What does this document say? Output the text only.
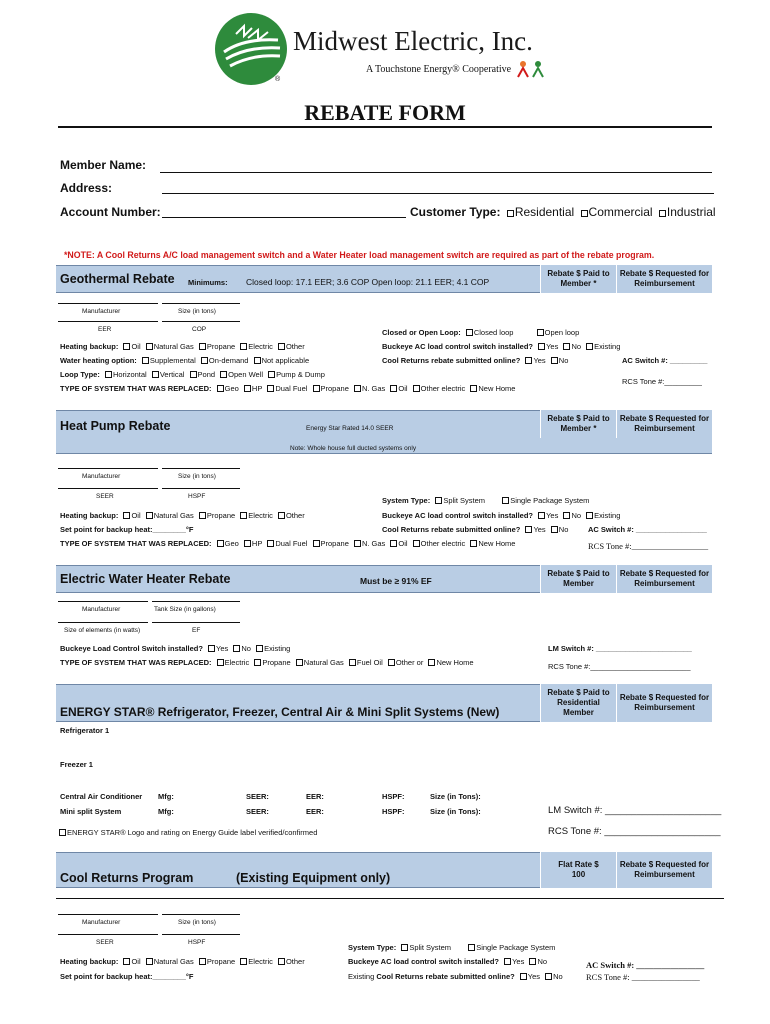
®
Midwest Electric, Inc.
A Touchstone Energy® Cooperative
REBATE FORM
Member Name:
Address:
Account Number:	Customer Type: Residential Commercial Industrial
*NOTE: A Cool Returns A/C load management switch and a Water Heater load management switch are required as part of the rebate program.
Rebate $ Paid to Member *
Rebate $ Requested for Reimbursement
Geothermal Rebate Minimums: Closed loop: 17.1 EER; 3.6 COP Open loop: 21.1 EER; 4.1 COP
Manufacturer	Size (in tons)
EER	COP	Closed or Open Loop: Closed loop	Open loop
Heating backup: Oil Natural Gas Propane Electric Other	Buckeye AC load control switch installed? Yes No Existing
Water heating option: Supplemental On-demand Not applicable	Cool Returns rebate submitted online? Yes No	AC Switch #: _________
Loop Type: Horizontal Vertical Pond Open Well Pump & Dump
RCS Tone #:_________
TYPE OF SYSTEM THAT WAS REPLACED: Geo HP Dual Fuel Propane N. Gas Oil Other electric New Home
Rebate $ Paid to Member *
Rebate $ Requested for Reimbursement
Heat Pump Rebate	Energy Star Rated 14.0 SEER
Note: Whole house full ducted systems only
Manufacturer	Size (in tons)
SEER	HSPF	System Type: Split System	Single Package System
Heating backup: Oil Natural Gas Propane Electric Other	Buckeye AC load control switch installed? Yes No Existing
Set point for backup heat:________°F	Cool Returns rebate submitted online? Yes No	AC Switch #: _________________
TYPE OF SYSTEM THAT WAS REPLACED: Geo HP Dual Fuel Propane N. Gas Oil Other electric New Home	RCS Tone #:__________________
Rebate $ Paid to Member
Rebate $ Requested for Reimbursement
Electric Water Heater Rebate	Must be ≥ 91% EF
Manufacturer	Tank Size (in gallons)
Size of elements (in watts)	EF
Buckeye Load Control Switch installed? Yes No Existing	LM Switch #: _______________________
TYPE OF SYSTEM THAT WAS REPLACED: Electric Propane Natural Gas Fuel Oil Other or New Home	RCS Tone #:________________________
Rebate $ Paid to Residential Member
Rebate $ Requested for Reimbursement
ENERGY STAR® Refrigerator, Freezer, Central Air & Mini Split Systems (New)
Refrigerator 1
Freezer 1
Central Air Conditioner Mfg:	SEER:	EER:	HSPF:	Size (in Tons):
Mini split System	Mfg:	SEER:	EER:	HSPF:	Size (in Tons):	LM Switch #: ______________________
ENERGY STAR® Logo and rating on Energy Guide label verified/confirmed	RCS Tone #: ______________________
Flat Rate $ 100
Rebate $ Requested for Reimbursement
Cool Returns Program	(Existing Equipment only)
Manufacturer	Size (in tons)
SEER	HSPF
System Type: Split System	Single Package System
Heating backup: Oil Natural Gas Propane Electric Other	Buckeye AC load control switch installed? Yes No	AC Switch #: ________________
Set point for backup heat:________°F	Existing Cool Returns rebate submitted online? Yes No	RCS Tone #: ________________
